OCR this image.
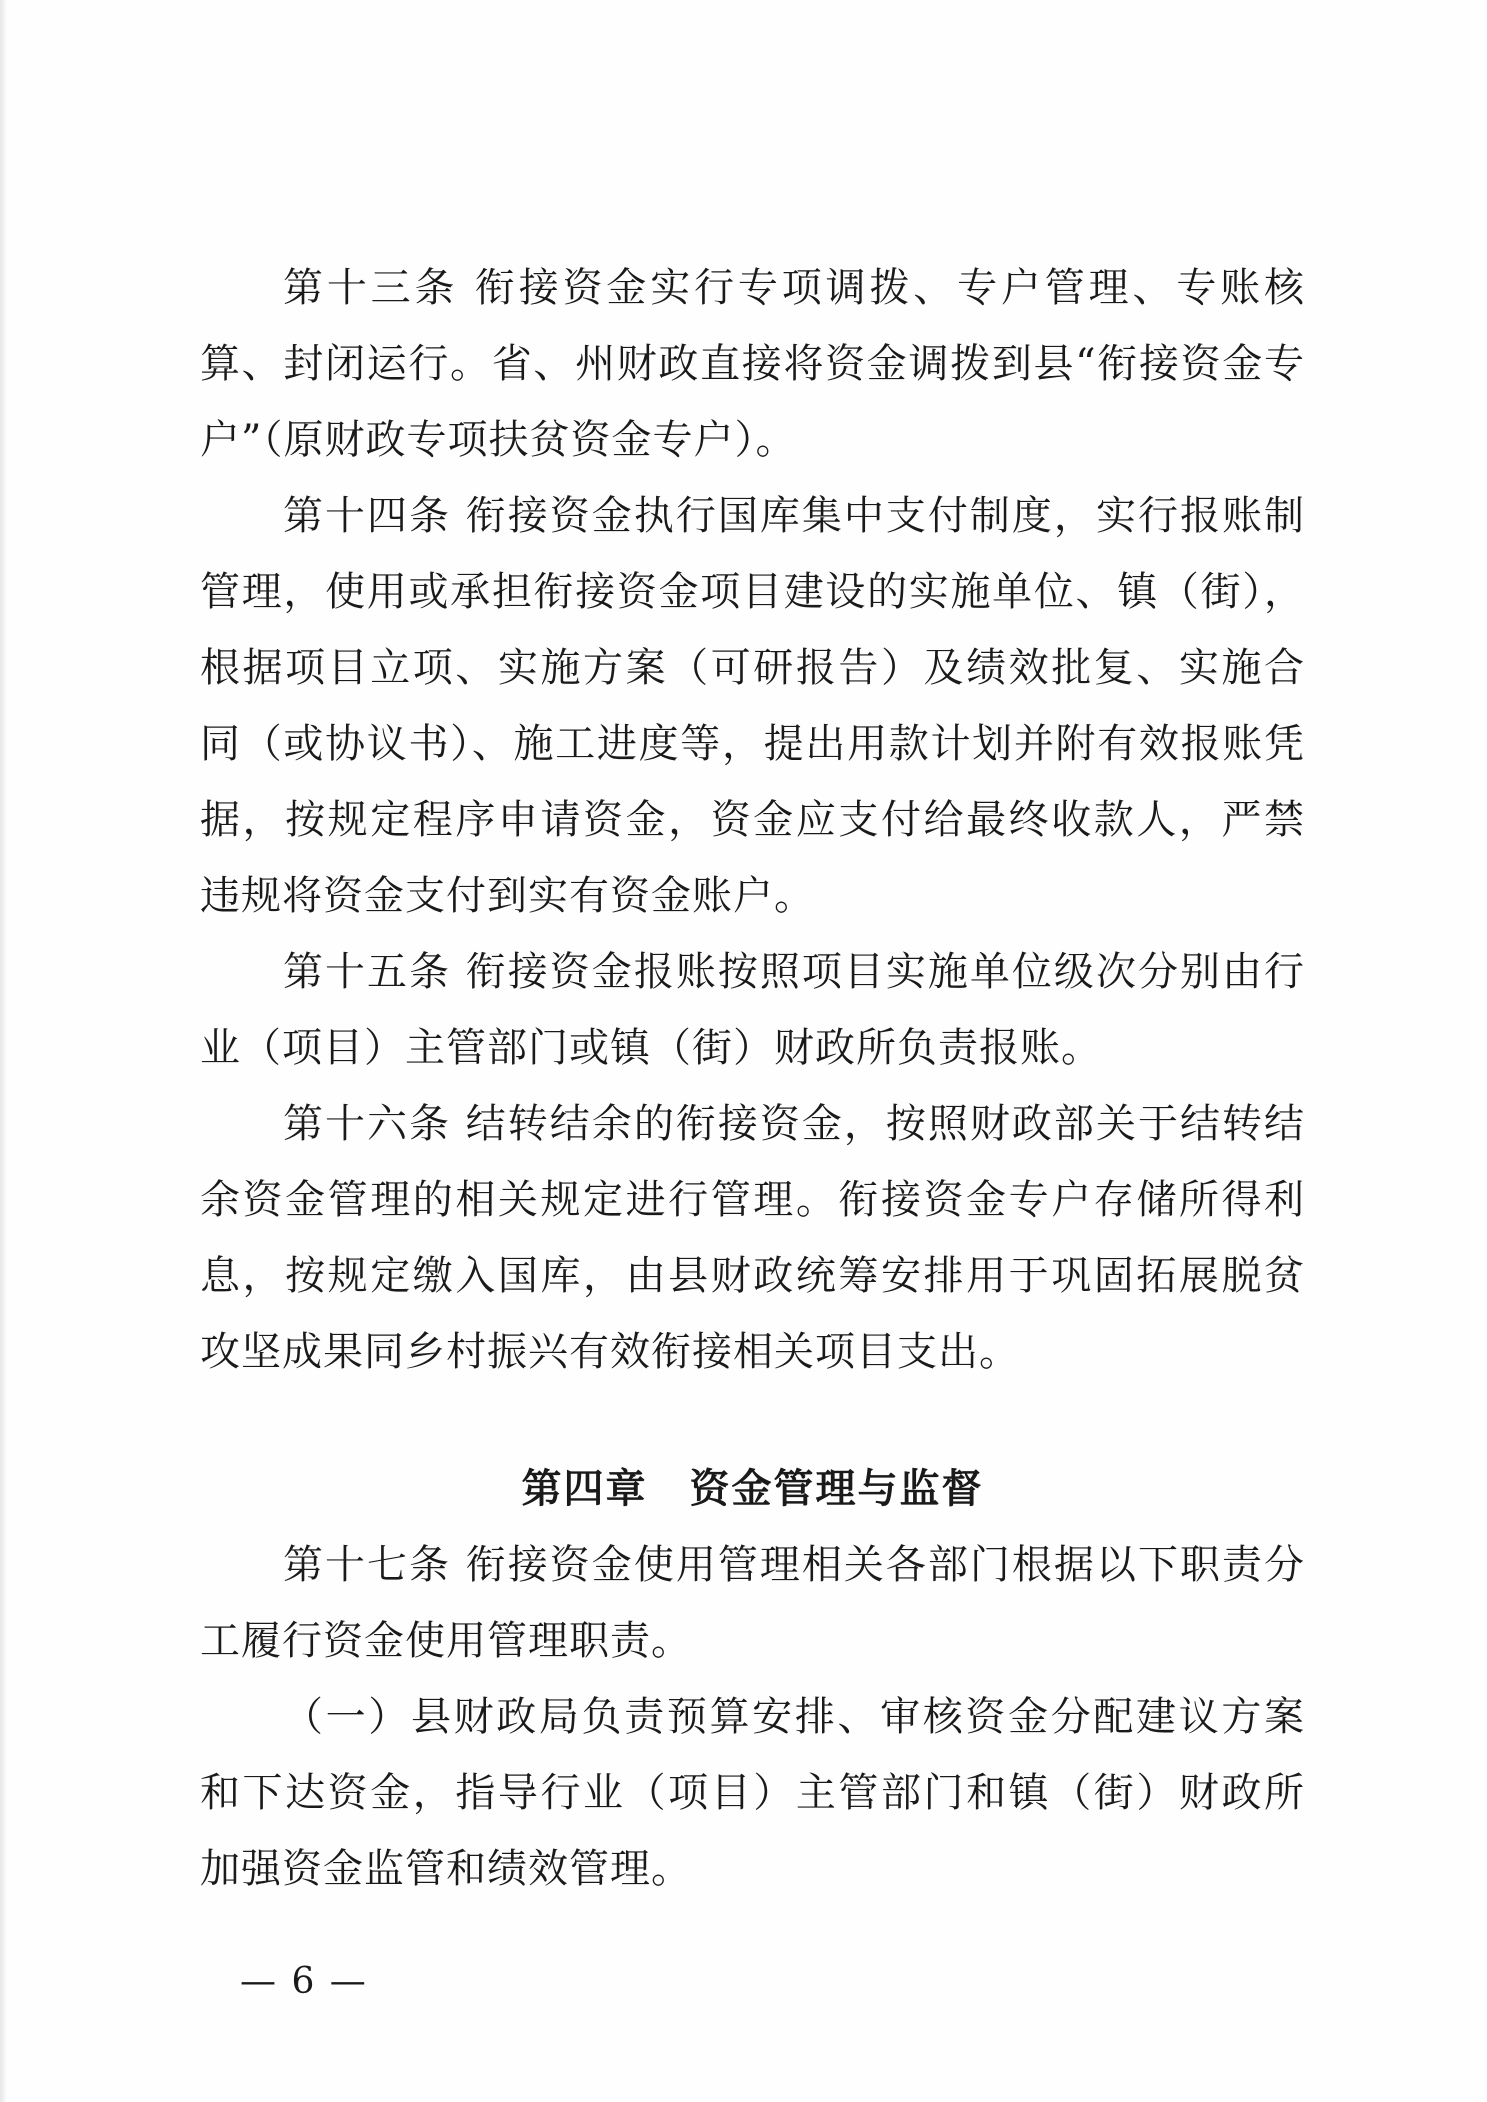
第十三条 衔接资金实行专项调拨、专户管理、专账核算、封闭运行。省、州财政直接将资金调拨到县“衔接资金专户”（原财政专项扶贫资金专户）。

第十四条 衔接资金执行国库集中支付制度，实行报账制管理，使用或承担衔接资金项目建设的实施单位、镇（街），根据项目立项、实施方案（可研报告）及绩效批复、实施合同（或协议书）、施工进度等，提出用款计划并附有效报账凭据，按规定程序申请资金，资金应支付给最终收款人，严禁违规将资金支付到实有资金账户。

第十五条 衔接资金报账按照项目实施单位级次分别由行业（项目）主管部门或镇（街）财政所负责报账。

第十六条 结转结余的衔接资金，按照财政部关于结转结余资金管理的相关规定进行管理。衔接资金专户存储所得利息，按规定缴入国库，由县财政统筹安排用于巩固拓展脱贫攻坚成果同乡村振兴有效衔接相关项目支出。

第四章　资金管理与监督

第十七条 衔接资金使用管理相关各部门根据以下职责分工履行资金使用管理职责。

（一）县财政局负责预算安排、审核资金分配建议方案和下达资金，指导行业（项目）主管部门和镇（街）财政所加强资金监管和绩效管理。

— 6 —
